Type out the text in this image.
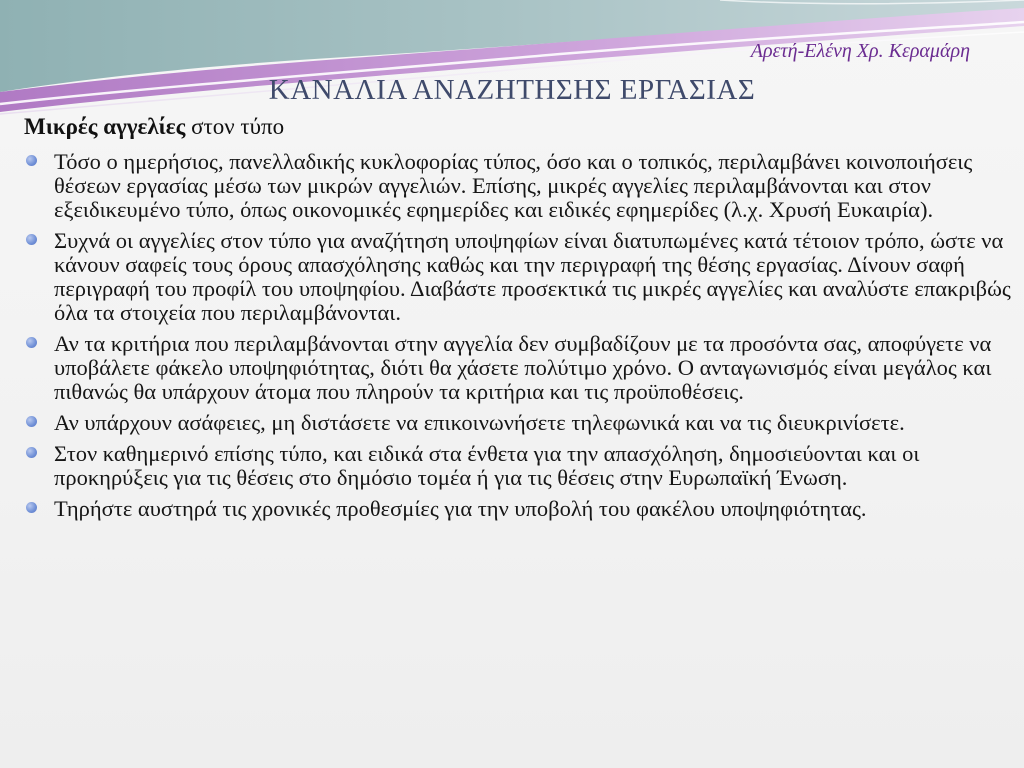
Αρετή-Ελένη Χρ. Κεραμάρη
ΚΑΝΑΛΙΑ ΑΝΑΖΗΤΗΣΗΣ ΕΡΓΑΣΙΑΣ
Μικρές αγγελίες στον τύπο
Τόσο ο ημερήσιος, πανελλαδικής κυκλοφορίας τύπος, όσο και ο τοπικός, περιλαμβάνει κοινοποιήσεις θέσεων εργασίας μέσω των μικρών αγγελιών. Επίσης, μικρές αγγελίες περιλαμβάνονται και στον εξειδικευμένο τύπο, όπως οικονομικές εφημερίδες και ειδικές εφημερίδες (λ.χ. Χρυσή Ευκαιρία).
Συχνά οι αγγελίες στον τύπο για αναζήτηση υποψηφίων είναι διατυπωμένες κατά τέτοιον τρόπο, ώστε να κάνουν σαφείς τους όρους απασχόλησης καθώς και την περιγραφή της θέσης εργασίας. Δίνουν σαφή περιγραφή του προφίλ του υποψηφίου. Διαβάστε προσεκτικά τις μικρές αγγελίες και αναλύστε επακριβώς όλα τα στοιχεία που περιλαμβάνονται.
Αν τα κριτήρια που περιλαμβάνονται στην αγγελία δεν συμβαδίζουν με τα προσόντα σας, αποφύγετε να υποβάλετε φάκελο υποψηφιότητας, διότι θα χάσετε πολύτιμο χρόνο. Ο ανταγωνισμός είναι μεγάλος και πιθανώς θα υπάρχουν άτομα που πληρούν τα κριτήρια και τις προϋποθέσεις.
Αν υπάρχουν ασάφειες, μη διστάσετε να επικοινωνήσετε τηλεφωνικά και να τις διευκρινίσετε.
Στον καθημερινό επίσης τύπο, και ειδικά στα ένθετα για την απασχόληση, δημοσιεύονται και οι προκηρύξεις για τις θέσεις στο δημόσιο τομέα ή για τις θέσεις στην Ευρωπαϊκή Ένωση.
Τηρήστε αυστηρά τις χρονικές προθεσμίες για την υποβολή του φακέλου υποψηφιότητας.
